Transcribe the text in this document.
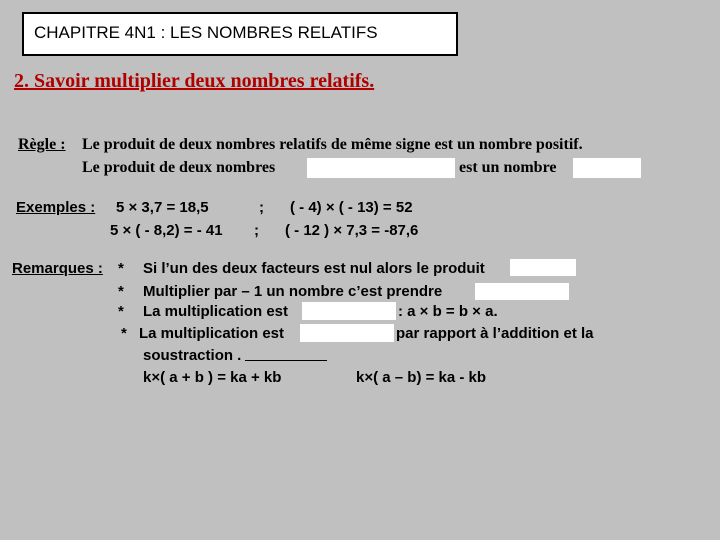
CHAPITRE 4N1 : LES NOMBRES RELATIFS
2. Savoir multiplier deux nombres relatifs.
Règle : Le produit de deux nombres relatifs de même signe est un nombre positif.
Le produit de deux nombres	est un nombre
Exemples : 5 × 3,7 = 18,5	; ( - 4) × ( - 13) = 52
5 × ( - 8,2) = - 41 ; ( - 12 ) × 7,3 = -87,6
Remarques : * Si l’un des deux facteurs est nul alors le produit
* Multiplier par – 1 un nombre c’est prendre
* La multiplication est	: a × b = b × a.
* La multiplication est	par rapport à l’addition et la
soustraction .
k×( a + b ) = ka + kb	k×( a – b) = ka - kb
